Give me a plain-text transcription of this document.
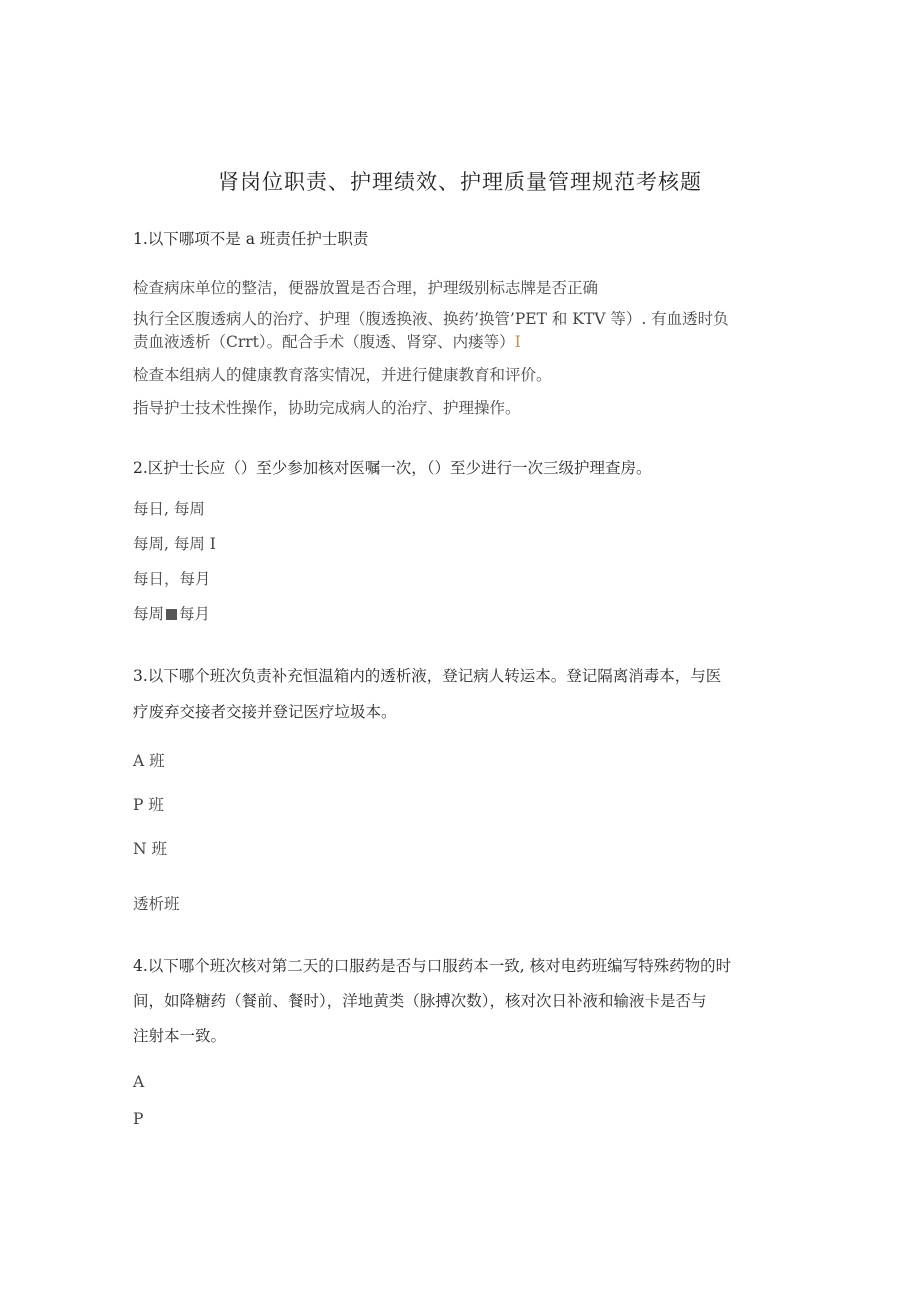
肾岗位职责、护理绩效、护理质量管理规范考核题
1.以下哪项不是 a 班责任护士职责
检查病床单位的整洁，便器放置是否合理，护理级别标志牌是否正确
执行全区腹透病人的治疗、护理（腹透换液、换药’换管’PET 和 KTV 等）. 有血透时负
责血液透析（Crrt）。配合手术（腹透、肾穿、内瘘等）I
检查本组病人的健康教育落实情况，并进行健康教育和评价。
指导护士技术性操作，协助完成病人的治疗、护理操作。
2.区护士长应（）至少参加核对医嘱一次，（）至少进行一次三级护理查房。
每日, 每周
每周, 每周 I
每日，每月
每周 每月
3.以下哪个班次负责补充恒温箱内的透析液，登记病人转运本。登记隔离消毒本，与医
疗废弃交接者交接并登记医疗垃圾本。
A 班
P 班
N 班
透析班
4.以下哪个班次核对第二天的口服药是否与口服药本一致, 核对电药班编写特殊药物的时
间，如降糖药（餐前、餐时），洋地黄类（脉搏次数），核对次日补液和输液卡是否与
注射本一致。
A
P
